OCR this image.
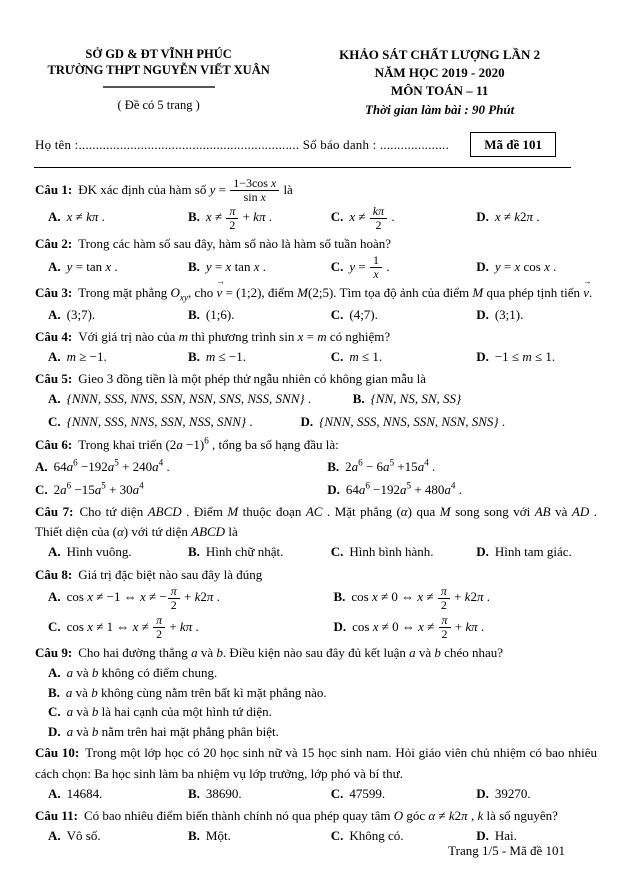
SỞ GD & ĐT VĨNH PHÚC
TRƯỜNG THPT NGUYỄN VIẾT XUÂN
( Đề có 5 trang )
KHẢO SÁT CHẤT LƯỢNG LẦN 2
NĂM HỌC 2019 - 2020
MÔN TOÁN – 11
Thời gian làm bài : 90 Phút
Họ tên :................................................................ Số báo danh : ....................	Mã đề 101
Câu 1: ĐK xác định của hàm số $y = \frac{\text{1−3cos x}}{\text{sin x}}$ là
A. x ≠ kπ .	B. $x \ne \frac{\pi}{2} + k\pi$ .	C. $x \ne \frac{k\pi}{2}$ .	D. x ≠ k2π .
Câu 2: Trong các hàm số sau đây, hàm số nào là hàm số tuần hoàn?
A. y = tan x .	B. y = x tan x .	C. $y = \frac{1}{x}$ .	D. y = x cos x .
Câu 3: Trong mặt phẳng $O_{xy}$, cho → v = (1;2), điểm M(2;5). Tìm tọa độ ảnh của điểm M qua phép tịnh tiến → v.
A. (3;7).	B. (1;6).	C. (4;7).	D. (3;1).
Câu 4: Với giá trị nào của m thì phương trình sin x = m có nghiệm?
A. m ≥ −1.	B. m ≤ −1.	C. m ≤ 1.	D. −1 ≤ m ≤ 1.
Câu 5: Gieo 3 đồng tiền là một phép thử ngẫu nhiên có không gian mẫu là
A. {NNN, SSS, NNS, SSN, NSN, SNS, NSS, SNN} .	B. {NN, NS, SN, SS}
C. {NNN, SSS, NNS, SSN, NSS, SNN} .	D. {NNN, SSS, NNS, SSN, NSN, SNS} .
Câu 6: Trong khai triển $(2a -1)^6$ , tổng ba số hạng đầu là:
A. $64a^6 -192a^5 + 240a^4$ .	B. $2a^6 - 6a^5 +15a^4$ .
C. $2a^6 -15a^5 + 30a^4$	D. $64a^6 -192a^5 + 480a^4$ .
Câu 7: Cho tứ diện ABCD . Điểm M thuộc đoạn AC . Mặt phẳng (α) qua M song song với AB và AD . Thiết diện của (α) với tứ diện ABCD là
A. Hình vuông.	B. Hình chữ nhật.	C. Hình bình hành.	D. Hình tam giác.
Câu 8: Giá trị đặc biệt nào sau đây là đúng
A. cos x ≠ −1 ⇔ x ≠ − $\frac{\pi}{2} + k2\pi$ .	B. cos x ≠ 0 ⇔ $x \ne \frac{\pi}{2} + k2\pi$ .
C. cos x ≠ 1 ⇔ $x \ne \frac{\pi}{2} + k\pi$ .	D. cos x ≠ 0 ⇔ $x \ne \frac{\pi}{2} + k\pi$ .
Câu 9: Cho hai đường thẳng a và b. Điều kiện nào sau đây đủ kết luận a và b chéo nhau?
A. a và b không có điểm chung.
B. a và b không cùng nằm trên bất kì mặt phẳng nào.
C. a và b là hai cạnh của một hình tứ diện.
D. a và b nằm trên hai mặt phẳng phân biệt.
Câu 10: Trong một lớp học có 20 học sinh nữ và 15 học sinh nam. Hỏi giáo viên chủ nhiệm có bao nhiêu cách chọn: Ba học sinh làm ba nhiệm vụ lớp trưởng, lớp phó và bí thư.
A. 14684.	B. 38690.	C. 47599.	D. 39270.
Câu 11: Có bao nhiêu điểm biến thành chính nó qua phép quay tâm O góc α ≠ k2π , k là số nguyên?
A. Vô số.	B. Một.	C. Không có.	D. Hai.
Trang 1/5 - Mã đề 101
